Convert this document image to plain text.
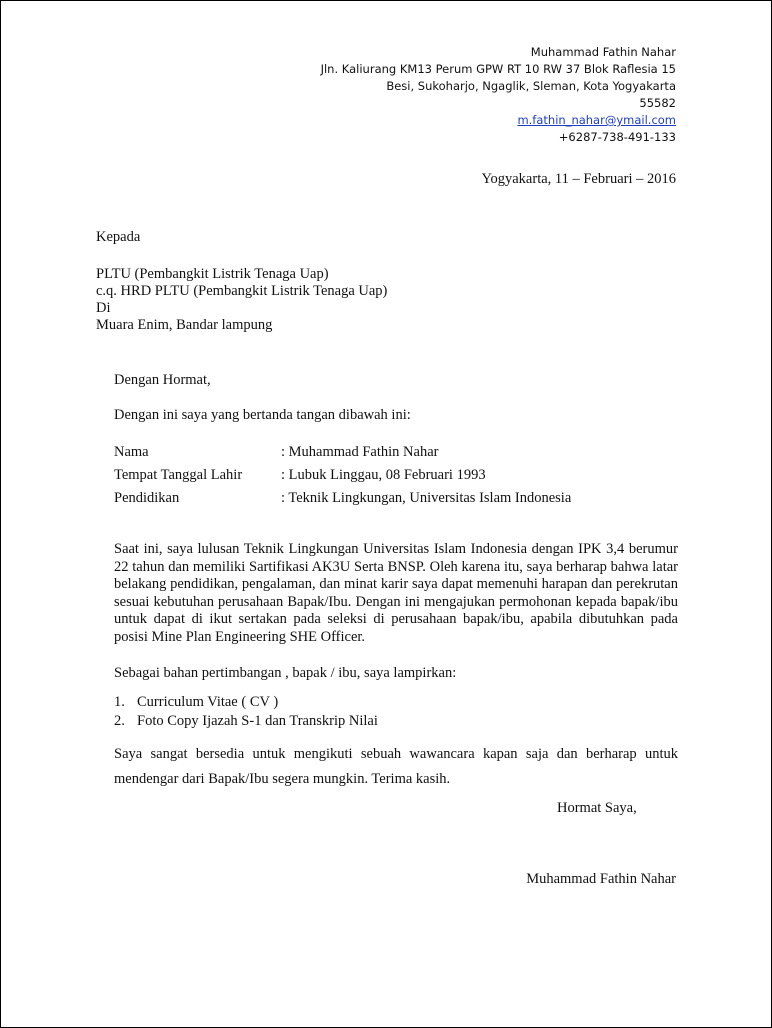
Muhammad Fathin Nahar
Jln. Kaliurang KM13 Perum GPW RT 10 RW 37 Blok Raflesia 15
Besi, Sukoharjo, Ngaglik, Sleman, Kota Yogyakarta
55582
m.fathin_nahar@ymail.com
+6287-738-491-133
Yogyakarta, 11 – Februari – 2016
Kepada
PLTU (Pembangkit Listrik Tenaga Uap)
c.q. HRD PLTU (Pembangkit Listrik Tenaga Uap)
Di
Muara Enim, Bandar lampung
Dengan Hormat,
Dengan ini saya yang bertanda tangan dibawah ini:
Nama	: Muhammad Fathin Nahar
Tempat Tanggal Lahir	: Lubuk Linggau, 08 Februari 1993
Pendidikan	: Teknik Lingkungan, Universitas Islam Indonesia
Saat ini, saya lulusan Teknik Lingkungan Universitas Islam Indonesia dengan IPK 3,4 berumur 22 tahun dan memiliki Sartifikasi AK3U Serta BNSP. Oleh karena itu, saya berharap bahwa latar belakang pendidikan, pengalaman, dan minat karir saya dapat memenuhi harapan dan perekrutan sesuai kebutuhan perusahaan Bapak/Ibu. Dengan ini mengajukan permohonan kepada bapak/ibu untuk dapat di ikut sertakan pada seleksi di perusahaan bapak/ibu, apabila dibutuhkan pada posisi Mine Plan Engineering SHE Officer.
Sebagai bahan pertimbangan , bapak / ibu, saya lampirkan:
1. Curriculum Vitae ( CV )
2. Foto Copy Ijazah S-1 dan Transkrip Nilai
Saya sangat bersedia untuk mengikuti sebuah wawancara kapan saja dan berharap untuk mendengar dari Bapak/Ibu segera mungkin. Terima kasih.
Hormat Saya,
Muhammad Fathin Nahar
